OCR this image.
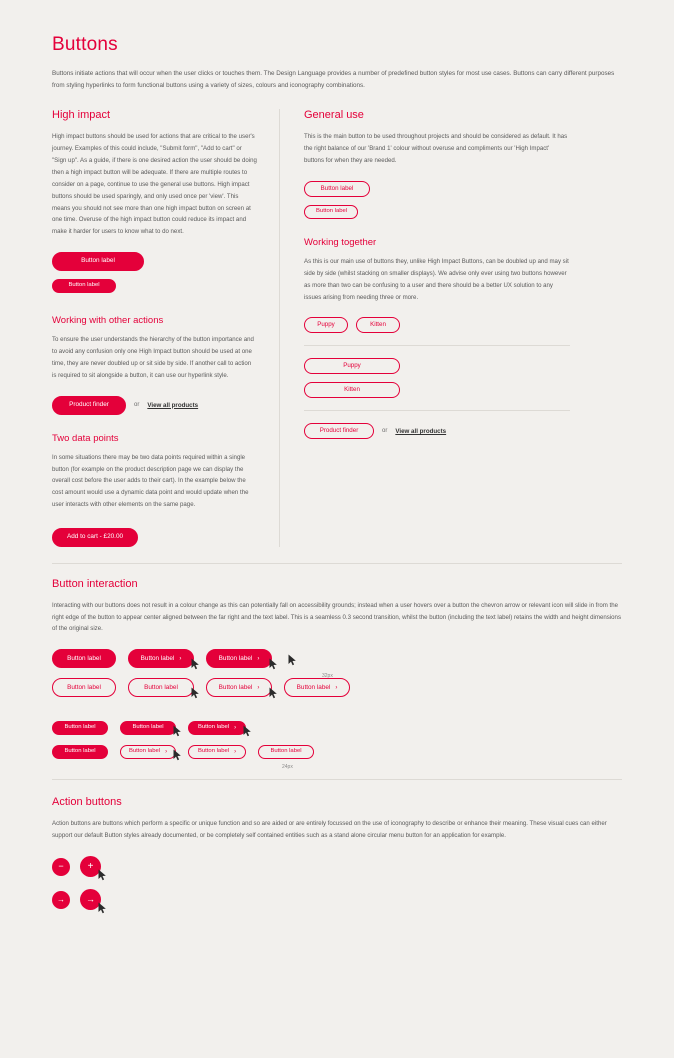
Buttons
Buttons initiate actions that will occur when the user clicks or touches them. The Design Language provides a number of predefined button styles for most use cases. Buttons can carry different purposes from styling hyperlinks to form functional buttons using a variety of sizes, colours and iconography combinations.
High impact

High impact buttons should be used for actions that are critical to the user's journey. Examples of this could include, "Submit form", "Add to cart" or "Sign up". As a guide, if there is one desired action the user should be doing then a high impact button will be adequate. If there are multiple routes to consider on a page, continue to use the general use buttons. High impact buttons should be used sparingly, and only used once per 'view'. This means you should not see more than one high impact button on screen at one time. Overuse of the high impact button could reduce its impact and make it harder for users to know what to do next.

Button label
Button label
Working with other actions

To ensure the user understands the hierarchy of the button importance and to avoid any confusion only one High Impact button should be used at one time, they are never doubled up or sit side by side. If another call to action is required to sit alongside a button, it can use our hyperlink style.

Product finder	or View all products
Two data points

In some situations there may be two data points required within a single button (for example on the product description page we can display the overall cost before the user adds to their cart). In the example below the cost amount would use a dynamic data point and would update when the user interacts with other elements on the same page.

Add to cart - £20.00
General use

This is the main button to be used throughout projects and should be considered as default. It has the right balance of our 'Brand 1' colour without overuse and compliments our 'High Impact' buttons for when they are needed.

Button label
Button label
Working together

As this is our main use of buttons they, unlike High Impact Buttons, can be doubled up and may sit side by side (whilst stacking on smaller displays). We advise only ever using two buttons however as more than two can be confusing to a user and there should be a better UX solution to any issues arising from needing three or more.

Puppy	Kitten
Puppy
Kitten
Product finder	or View all products
Button interaction

Interacting with our buttons does not result in a colour change as this can potentially fall on accessibility grounds; instead when a user hovers over a button the chevron arrow or relevant icon will slide in from the right edge of the button to appear center aligned between the far right and the text label. This is a seamless 0.3 second transition, whilst the button (including the text label) retains the width and height dimensions of the original size.

32px
24px
Button label	Button label ›	Button label ›
Button label	Button label	Button label ›	Button label ›
Button label	Button label	Button label ›
Button label	Button label ›	Button label ›	Button label
Action buttons

Action buttons are buttons which perform a specific or unique function and so are aided or are entirely focussed on the use of iconography to describe or enhance their meaning. These visual cues can either support our default Button styles already documented, or be completely self contained entities such as a stand alone circular menu button for an application for example.

− +
→ →
